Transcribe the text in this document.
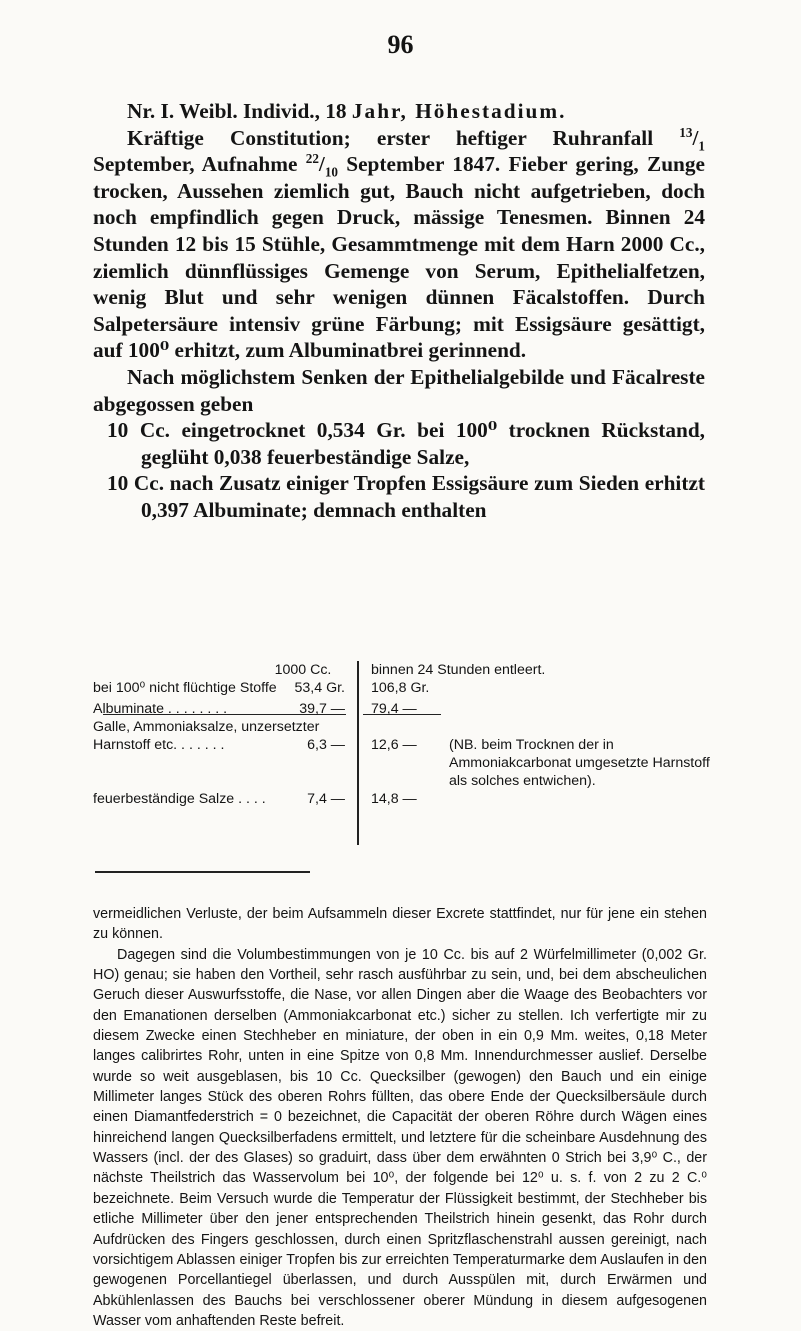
96

Nr. I. Weibl. Individ., 18 Jahr, Höhestadium.

Kräftige Constitution; erster heftiger Ruhranfall $^{13}/_1$ September, Aufnahme $^{22}/_{10}$ September 1847. Fieber gering, Zunge trocken, Aussehen ziemlich gut, Bauch nicht aufgetrieben, doch noch empfindlich gegen Druck, mässige Tenesmen. Binnen 24 Stunden 12 bis 15 Stühle, Gesammtmenge mit dem Harn 2000 Cc., ziemlich dünnflüssiges Gemenge von Serum, Epithelialfetzen, wenig Blut und sehr wenigen dünnen Fäcalstoffen. Durch Salpetersäure intensiv grüne Färbung; mit Essigsäure gesättigt, auf 100⁰ erhitzt, zum Albuminatbrei gerinnend.

Nach möglichstem Senken der Epithelialgebilde und Fäcalreste abgegossen geben

10 Cc. eingetrocknet 0,534 Gr. bei 100⁰ trocknen Rückstand, geglüht 0,038 feuerbeständige Salze,

10 Cc. nach Zusatz einiger Tropfen Essigsäure zum Sieden erhitzt 0,397 Albuminate; demnach enthalten

1000 Cc.	binnen 24 Stunden entleert.
bei 100⁰ nicht flüchtige Stoffe 53,4 Gr. 106,8 Gr.
Albuminate . . . . . . . .	39,7 — 79,4 —
Galle, Ammoniaksalze, unzersetzter
Harnstoff etc. . . . . . .	6,3 — 12,6 — (NB. beim Trocknen der in Ammoniakcarbonat umgesetzte Harnstoff als solches entwichen).
feuerbeständige Salze . . . .	7,4 — 14,8 —

vermeidlichen Verluste, der beim Aufsammeln dieser Excrete stattfindet, nur für jene ein stehen zu können.

Dagegen sind die Volumbestimmungen von je 10 Cc. bis auf 2 Würfelmillimeter (0,002 Gr. HO) genau; sie haben den Vortheil, sehr rasch ausführbar zu sein, und, bei dem abscheulichen Geruch dieser Auswurfsstoffe, die Nase, vor allen Dingen aber die Waage des Beobachters vor den Emanationen derselben (Ammoniakcarbonat etc.) sicher zu stellen. Ich verfertigte mir zu diesem Zwecke einen Stechheber en miniature, der oben in ein 0,9 Mm. weites, 0,18 Meter langes calibrirtes Rohr, unten in eine Spitze von 0,8 Mm. Innendurchmesser auslief. Derselbe wurde so weit ausgeblasen, bis 10 Cc. Quecksilber (gewogen) den Bauch und ein einige Millimeter langes Stück des oberen Rohrs füllten, das obere Ende der Quecksilbersäule durch einen Diamantfederstrich = 0 bezeichnet, die Capacität der oberen Röhre durch Wägen eines hinreichend langen Quecksilberfadens ermittelt, und letztere für die scheinbare Ausdehnung des Wassers (incl. der des Glases) so graduirt, dass über dem erwähnten 0 Strich bei 3,9⁰ C., der nächste Theilstrich das Wasservolum bei 10⁰, der folgende bei 12⁰ u. s. f. von 2 zu 2 C.⁰ bezeichnete. Beim Versuch wurde die Temperatur der Flüssigkeit bestimmt, der Stechheber bis etliche Millimeter über den jener entsprechenden Theilstrich hinein gesenkt, das Rohr durch Aufdrücken des Fingers geschlossen, durch einen Spritzflaschenstrahl aussen gereinigt, nach vorsichtigem Ablassen einiger Tropfen bis zur erreichten Temperaturmarke dem Auslaufen in den gewogenen Porcellantiegel überlassen, und durch Ausspülen mit, durch Erwärmen und Abkühlenlassen des Bauchs bei verschlossener oberer Mündung in diesem aufgesogenen Wasser vom anhaftenden Reste befreit.
